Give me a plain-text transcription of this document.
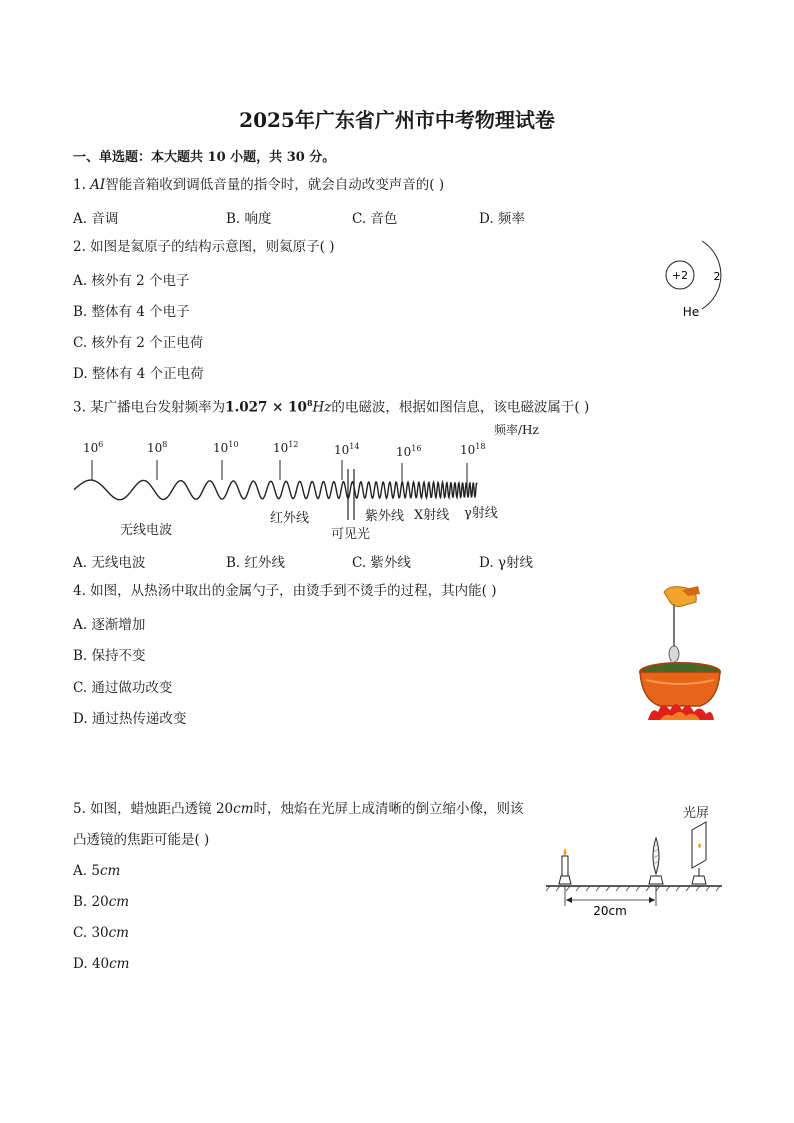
2025年广东省广州市中考物理试卷
一、单选题：本大题共 10 小题，共 30 分。
1. AI智能音箱收到调低音量的指令时，就会自动改变声音的( )
A. 音调	B. 响度	C. 音色	D. 频率
2. 如图是氦原子的结构示意图，则氦原子( )
A. 核外有 2 个电子
B. 整体有 4 个电子
C. 核外有 2 个正电荷
D. 整体有 4 个正电荷
+2 2
He
3. 某广播电台发射频率为$1.027 \times 10^8Hz$的电磁波，根据如图信息，该电磁波属于( )
频率/Hz
$10^6$	$10^8$	$10^{10}$	$10^{12}$	$10^{14}$	$10^{16}$	$10^{18}$
无线电波
红外线
可见光
紫外线 X射线 γ射线
A. 无线电波	B. 红外线	C. 紫外线	D. γ射线
4. 如图，从热汤中取出的金属勺子，由烫手到不烫手的过程，其内能( )
A. 逐渐增加
B. 保持不变
C. 通过做功改变
D. 通过热传递改变
5. 如图，蜡烛距凸透镜 20cm时，烛焰在光屏上成清晰的倒立缩小像，则该
凸透镜的焦距可能是( )
A. 5cm
B. 20cm
C. 30cm
D. 40cm
光屏
20cm
